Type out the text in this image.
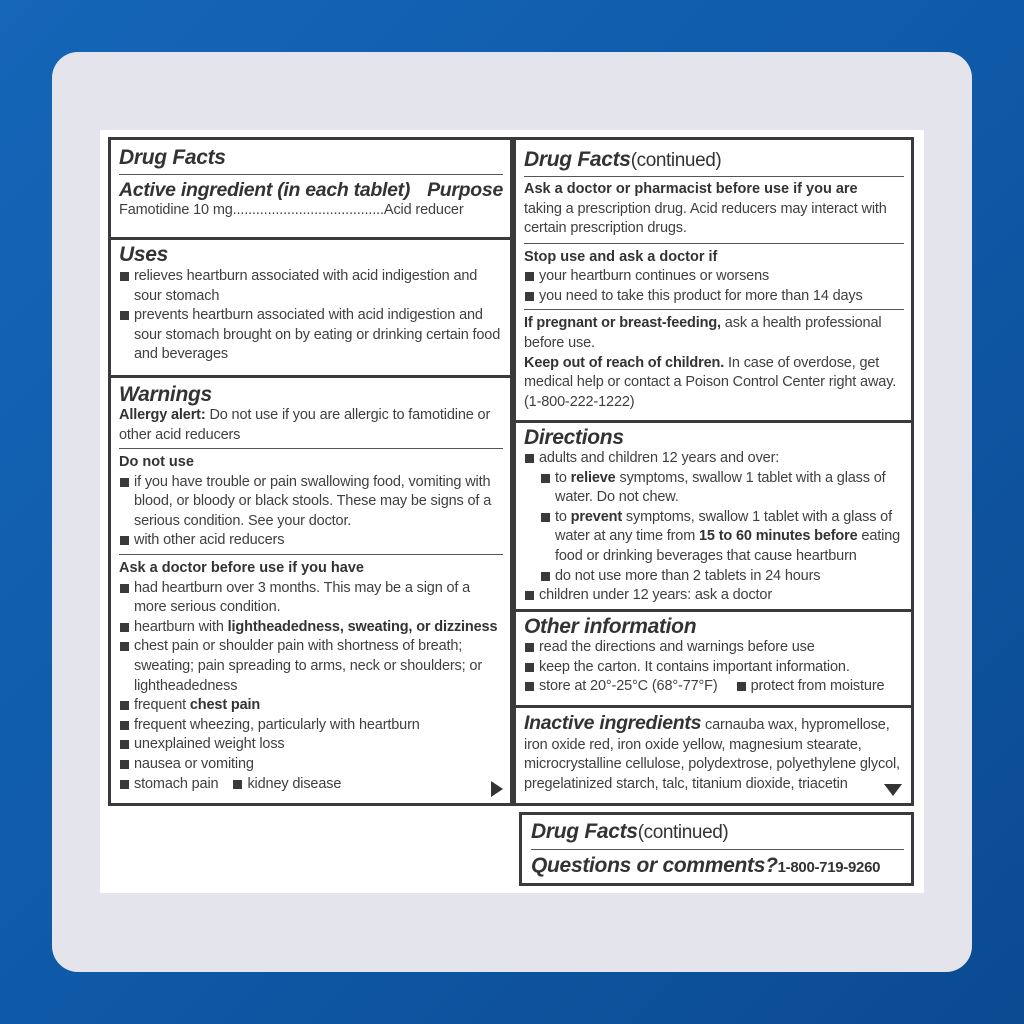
Drug Facts
Active ingredient (in each tablet) Purpose
Famotidine 10 mg.......................................Acid reducer
Uses
relieves heartburn associated with acid indigestion and sour stomach
prevents heartburn associated with acid indigestion and sour stomach brought on by eating or drinking certain food and beverages
Warnings
Allergy alert: Do not use if you are allergic to famotidine or other acid reducers
Do not use
if you have trouble or pain swallowing food, vomiting with blood, or bloody or black stools. These may be signs of a serious condition. See your doctor.
with other acid reducers
Ask a doctor before use if you have
had heartburn over 3 months. This may be a sign of a more serious condition.
heartburn with lightheadedness, sweating, or dizziness
chest pain or shoulder pain with shortness of breath; sweating; pain spreading to arms, neck or shoulders; or lightheadedness
frequent chest pain
frequent wheezing, particularly with heartburn
unexplained weight loss
nausea or vomiting
stomach pain	kidney disease
Drug Facts(continued)
Ask a doctor or pharmacist before use if you are
taking a prescription drug. Acid reducers may interact with certain prescription drugs.
Stop use and ask a doctor if
your heartburn continues or worsens
you need to take this product for more than 14 days
If pregnant or breast-feeding, ask a health professional before use.
Keep out of reach of children. In case of overdose, get medical help or contact a Poison Control Center right away. (1-800-222-1222)
Directions
adults and children 12 years and over:
to relieve symptoms, swallow 1 tablet with a glass of water. Do not chew.
to prevent symptoms, swallow 1 tablet with a glass of water at any time from 15 to 60 minutes before eating food or drinking beverages that cause heartburn
do not use more than 2 tablets in 24 hours
children under 12 years: ask a doctor
Other information
read the directions and warnings before use
keep the carton. It contains important information.
store at 20°-25°C (68°-77°F)	protect from moisture
Inactive ingredients carnauba wax, hypromellose, iron oxide red, iron oxide yellow, magnesium stearate, microcrystalline cellulose, polydextrose, polyethylene glycol, pregelatinized starch, talc, titanium dioxide, triacetin
Drug Facts(continued)
Questions or comments?1-800-719-9260
